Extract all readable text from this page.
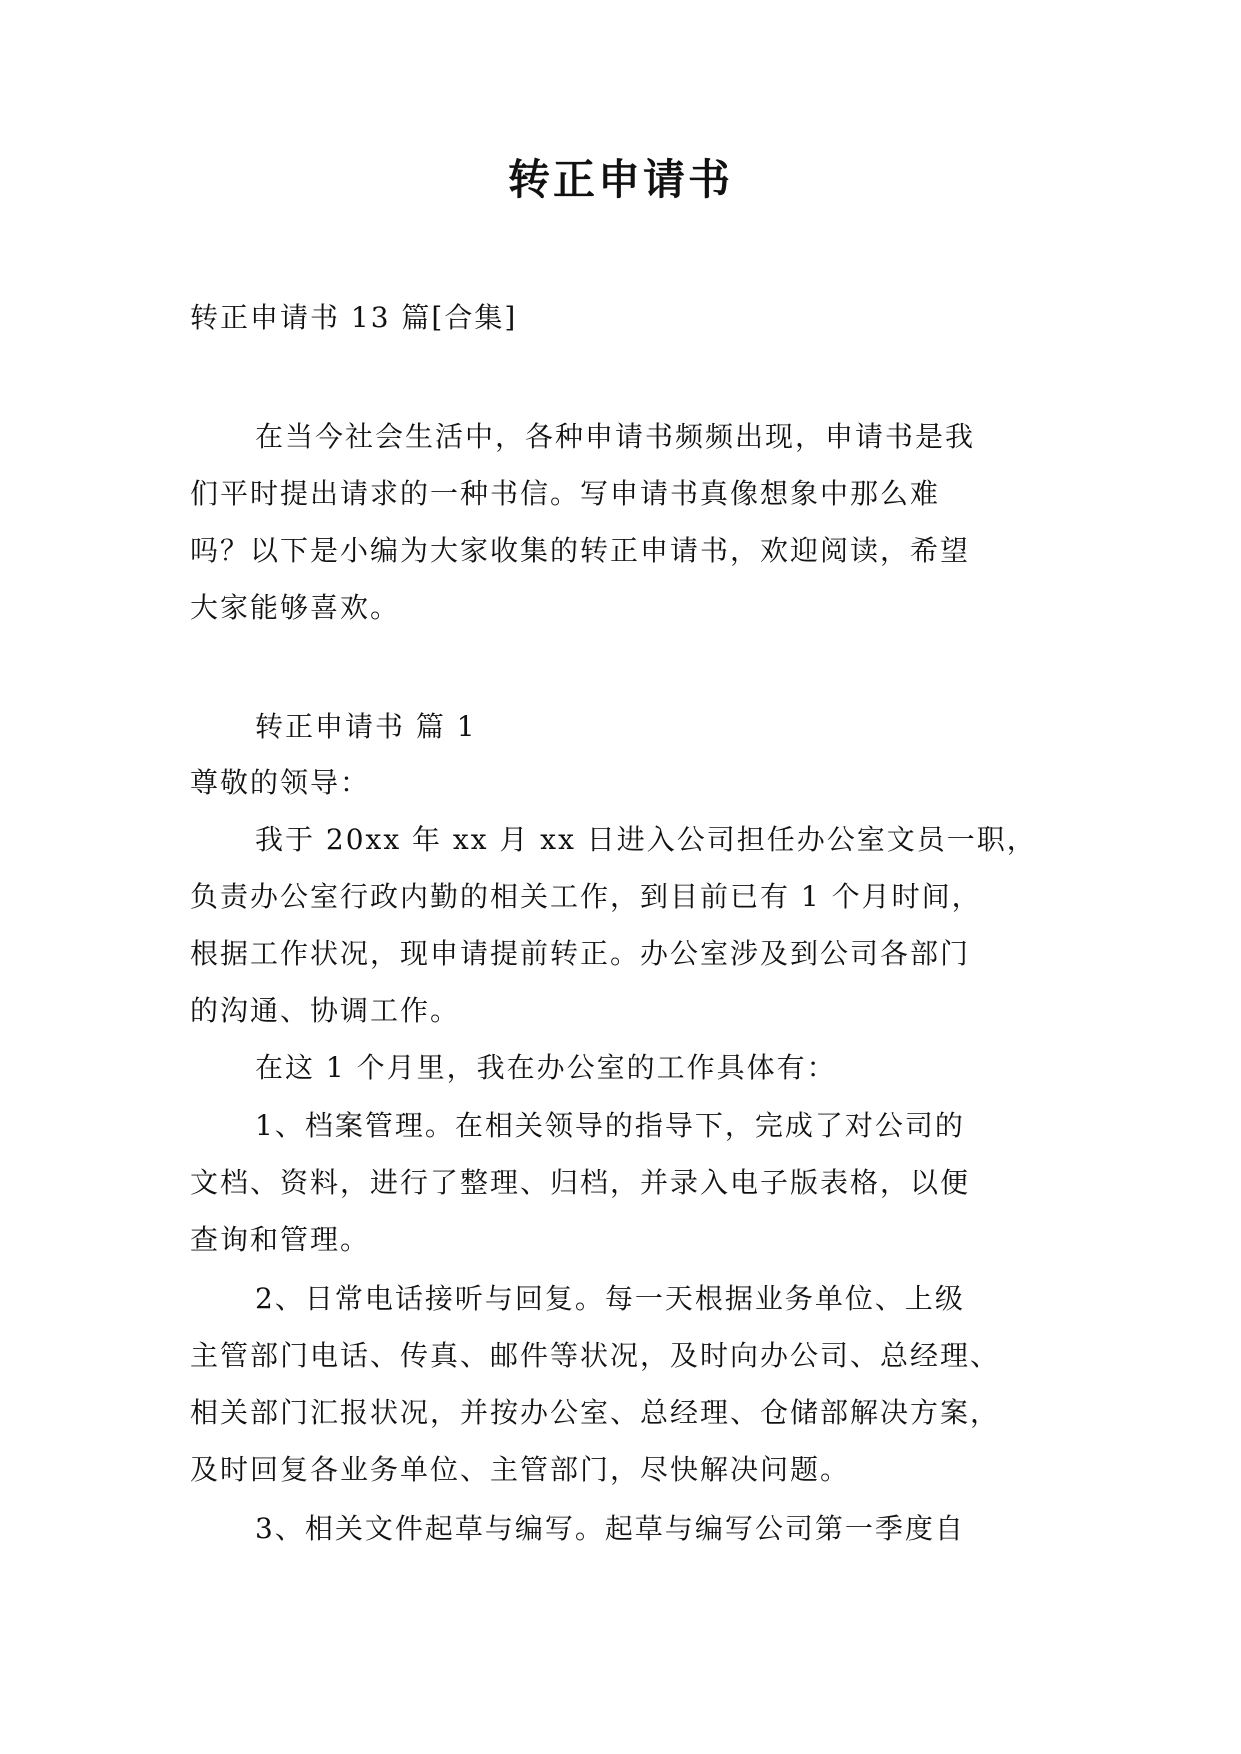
转正申请书
转正申请书 13 篇[合集]
在当今社会生活中，各种申请书频频出现，申请书是我
们平时提出请求的一种书信。写申请书真像想象中那么难
吗？以下是小编为大家收集的转正申请书，欢迎阅读，希望
大家能够喜欢。
转正申请书 篇 1
尊敬的领导：
我于 20xx 年 xx 月 xx 日进入公司担任办公室文员一职，
负责办公室行政内勤的相关工作，到目前已有 1 个月时间，
根据工作状况，现申请提前转正。办公室涉及到公司各部门
的沟通、协调工作。
在这 1 个月里，我在办公室的工作具体有：
1、档案管理。在相关领导的指导下，完成了对公司的
文档、资料，进行了整理、归档，并录入电子版表格，以便
查询和管理。
2、日常电话接听与回复。每一天根据业务单位、上级
主管部门电话、传真、邮件等状况，及时向办公司、总经理、
相关部门汇报状况，并按办公室、总经理、仓储部解决方案，
及时回复各业务单位、主管部门，尽快解决问题。
3、相关文件起草与编写。起草与编写公司第一季度自
